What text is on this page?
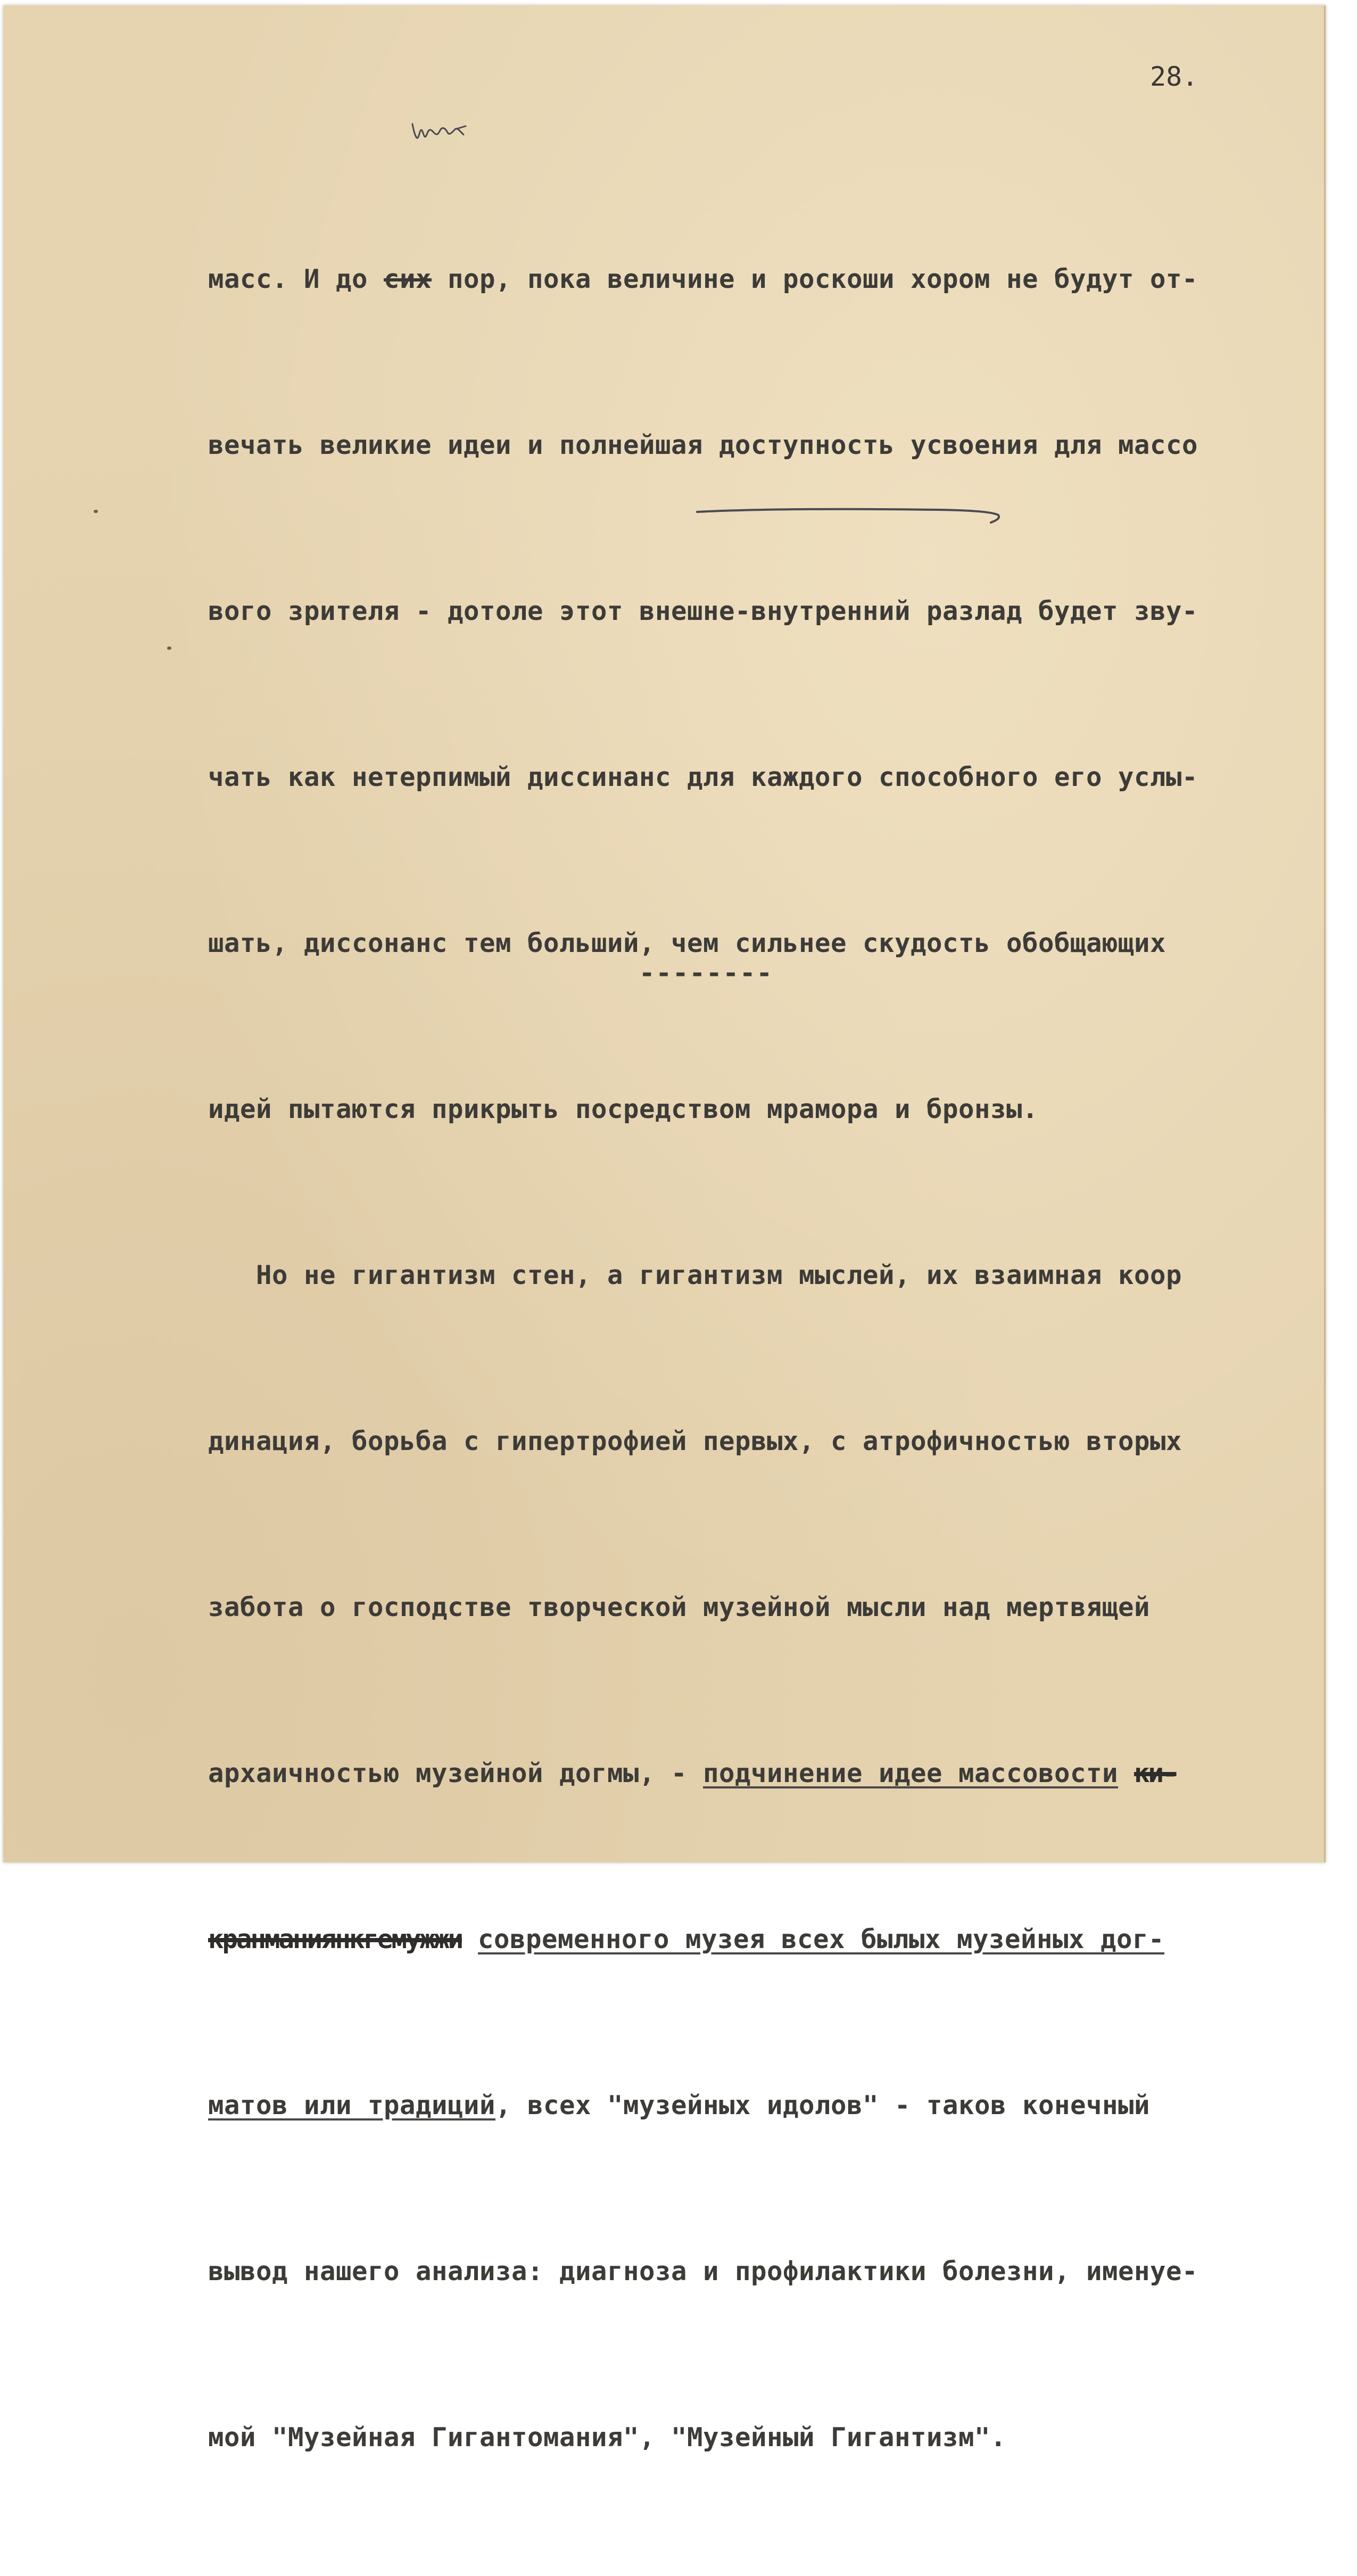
28.

масс. И до сих пор, пока величине и роскоши хором не будут от-

вечать великие идеи и полнейшая доступность усвоения для массо

вого зрителя - дотоле этот внешне-внутренний разлад будет зву-

чать как нетерпимый диссинанс для каждого способного его услы-

шать, диссонанс тем больший, чем сильнее скудость обобщающих

идей пытаются прикрыть посредством мрамора и бронзы.

Но не гигантизм стен, а гигантизм мыслей, их взаимная коор

динация, борьба с гипертрофией первых, с атрофичностью вторых

забота о господстве творческой музейной мысли над мертвящей

архаичностью музейной догмы, - подчинение идее массовости ки-

кранманиянкгемужжи современного музея всех былых музейных дог-

матов или традиций, всех "музейных идолов" - таков конечный

вывод нашего анализа: диагноза и профилактики болезни, именуе-

мой "Музейная Гигантомания", "Музейный Гигантизм".

--------
